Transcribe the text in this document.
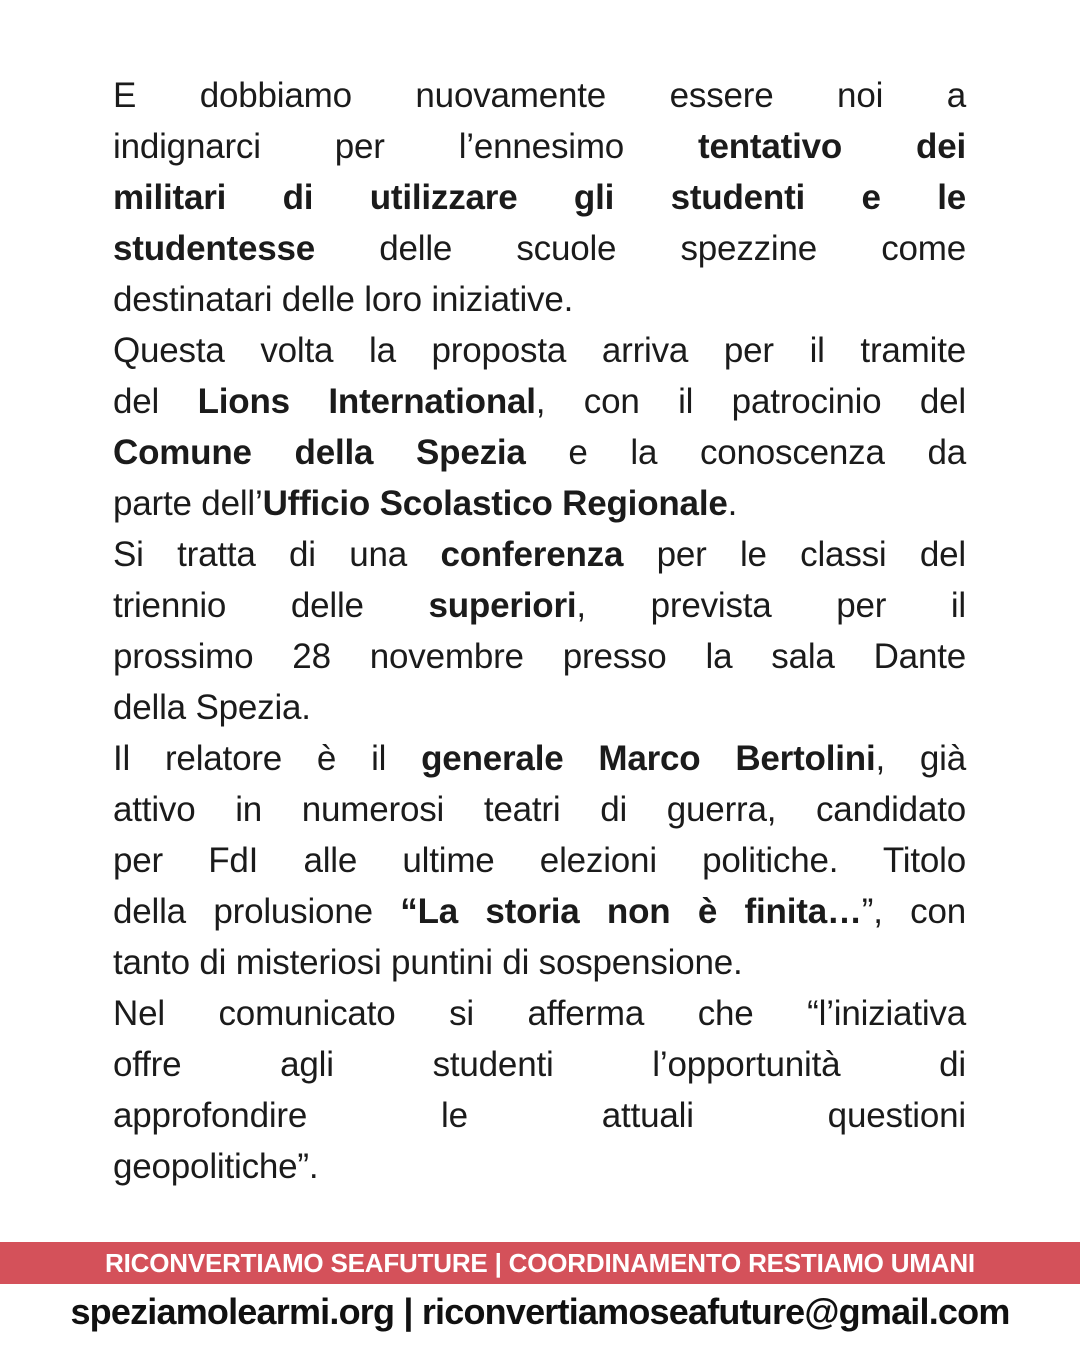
E dobbiamo nuovamente essere noi a
indignarci per l’ennesimo tentativo dei
militari di utilizzare gli studenti e le
studentesse delle scuole spezzine come
destinatari delle loro iniziative.
Questa volta la proposta arriva per il tramite
del Lions International, con il patrocinio del
Comune della Spezia e la conoscenza da
parte dell’Ufficio Scolastico Regionale.
Si tratta di una conferenza per le classi del
triennio delle superiori, prevista per il
prossimo 28 novembre presso la sala Dante
della Spezia.
Il relatore è il generale Marco Bertolini, già
attivo in numerosi teatri di guerra, candidato
per FdI alle ultime elezioni politiche. Titolo
della prolusione “La storia non è finita…”, con
tanto di misteriosi puntini di sospensione.
Nel comunicato si afferma che “l’iniziativa
offre agli studenti l’opportunità di
approfondire le attuali questioni
geopolitiche”.
RICONVERTIAMO SEAFUTURE | COORDINAMENTO RESTIAMO UMANI
speziamolearmi.org | riconvertiamoseafuture@gmail.com
